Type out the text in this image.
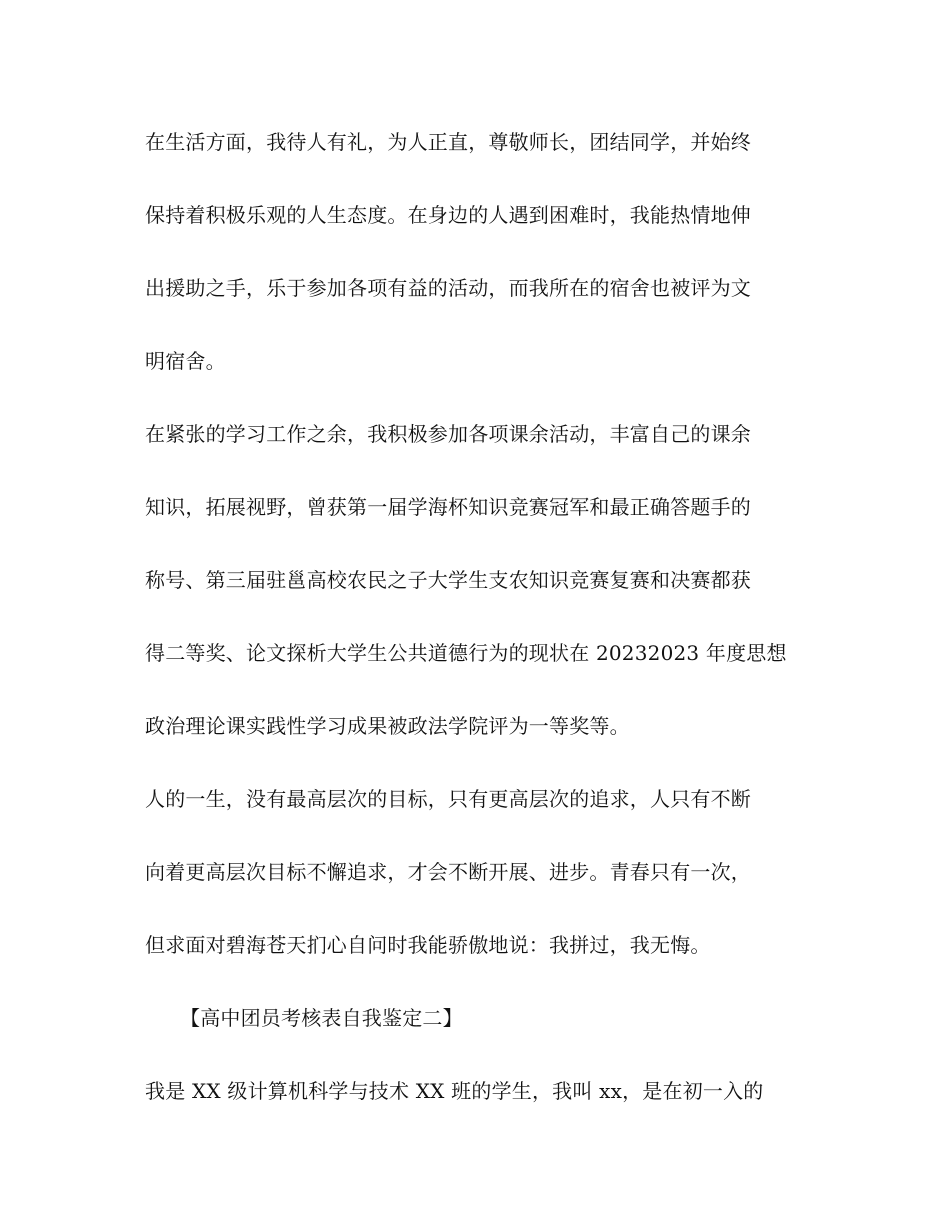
在生活方面，我待人有礼，为人正直，尊敬师长，团结同学，并始终
保持着积极乐观的人生态度。在身边的人遇到困难时，我能热情地伸
出援助之手，乐于参加各项有益的活动，而我所在的宿舍也被评为文
明宿舍。
在紧张的学习工作之余，我积极参加各项课余活动，丰富自己的课余
知识，拓展视野，曾获第一届学海杯知识竞赛冠军和最正确答题手的
称号、第三届驻邕高校农民之子大学生支农知识竞赛复赛和决赛都获
得二等奖、论文探析大学生公共道德行为的现状在 20232023 年度思想
政治理论课实践性学习成果被政法学院评为一等奖等。
人的一生，没有最高层次的目标，只有更高层次的追求，人只有不断
向着更高层次目标不懈追求，才会不断开展、进步。青春只有一次，
但求面对碧海苍天扪心自问时我能骄傲地说：我拼过，我无悔。
【高中团员考核表自我鉴定二】
我是 XX 级计算机科学与技术 XX 班的学生，我叫 xx，是在初一入的
